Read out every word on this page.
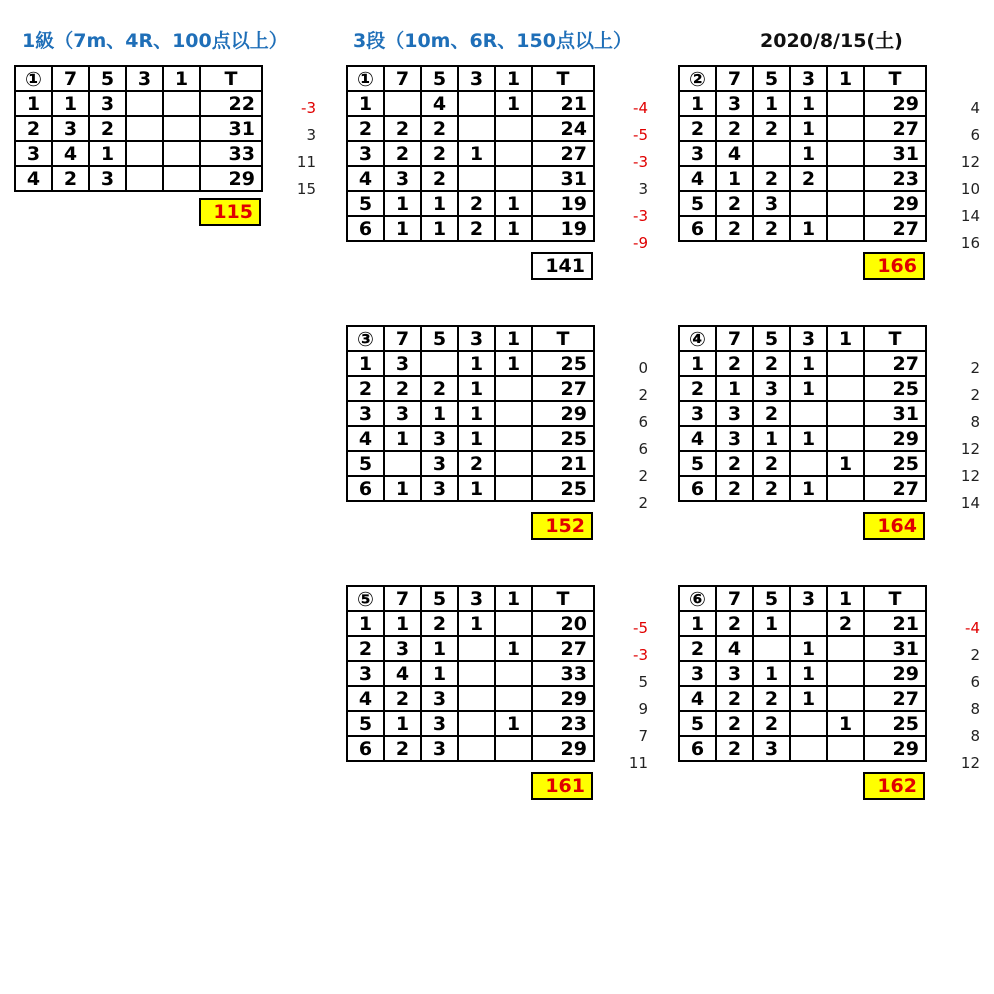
1級（7m、4R、100点以上）	3段（10m、6R、150点以上）	2020/8/15(土)
①	7	5	3	1	T
1	1	3			22
2	3	2			31
3	4	1			33
4	2	3			29
115
-3
3
11
15
①	7	5	3	1	T
1		4		1	21
2	2	2			24
3	2	2	1		27
4	3	2			31
5	1	1	2	1	19
6	1	1	2	1	19
141
-4
-5
-3
3
-3
-9
②	7	5	3	1	T
1	3	1	1		29
2	2	2	1		27
3	4		1		31
4	1	2	2		23
5	2	3			29
6	2	2	1		27
166
4
6
12
10
14
16
③	7	5	3	1	T
1	3		1	1	25
2	2	2	1		27
3	3	1	1		29
4	1	3	1		25
5		3	2		21
6	1	3	1		25
152
0
2
6
6
2
2
④	7	5	3	1	T
1	2	2	1		27
2	1	3	1		25
3	3	2			31
4	3	1	1		29
5	2	2		1	25
6	2	2	1		27
164
2
2
8
12
12
14
⑤	7	5	3	1	T
1	1	2	1		20
2	3	1		1	27
3	4	1			33
4	2	3			29
5	1	3		1	23
6	2	3			29
161
-5
-3
5
9
7
11
⑥	7	5	3	1	T
1	2	1		2	21
2	4		1		31
3	3	1	1		29
4	2	2	1		27
5	2	2		1	25
6	2	3			29
162
-4
2
6
8
8
12
